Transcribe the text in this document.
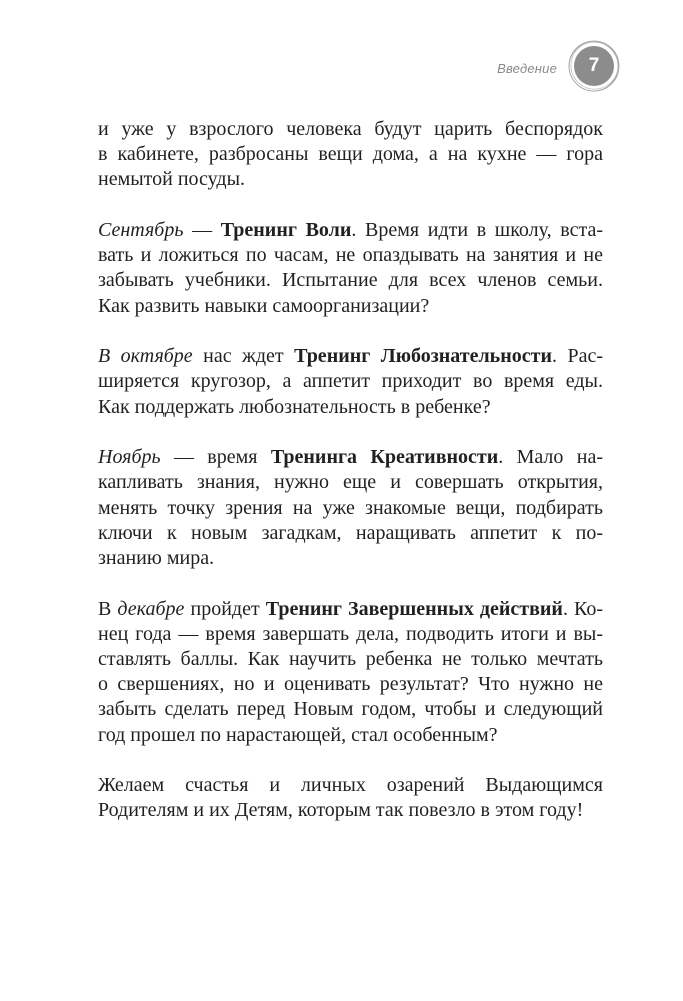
Введение	7
и уже у взрослого человека будут царить беспорядок
в кабинете, разбросаны вещи дома, а на кухне — гора
немытой посуды.
Сентябрь — Тренинг Воли. Время идти в школу, вста-
вать и ложиться по часам, не опаздывать на занятия и не
забывать учебники. Испытание для всех членов семьи.
Как развить навыки самоорганизации?
В октябре нас ждет Тренинг Любознательности. Рас-
ширяется кругозор, а аппетит приходит во время еды.
Как поддержать любознательность в ребенке?
Ноябрь — время Тренинга Креативности. Мало на-
капливать знания, нужно еще и совершать открытия,
менять точку зрения на уже знакомые вещи, подбирать
ключи к новым загадкам, наращивать аппетит к по-
знанию мира.
В декабре пройдет Тренинг Завершенных действий. Ко-
нец года — время завершать дела, подводить итоги и вы-
ставлять баллы. Как научить ребенка не только мечтать
о свершениях, но и оценивать результат? Что нужно не
забыть сделать перед Новым годом, чтобы и следующий
год прошел по нарастающей, стал особенным?
Желаем счастья и личных озарений Выдающимся
Родителям и их Детям, которым так повезло в этом году!
